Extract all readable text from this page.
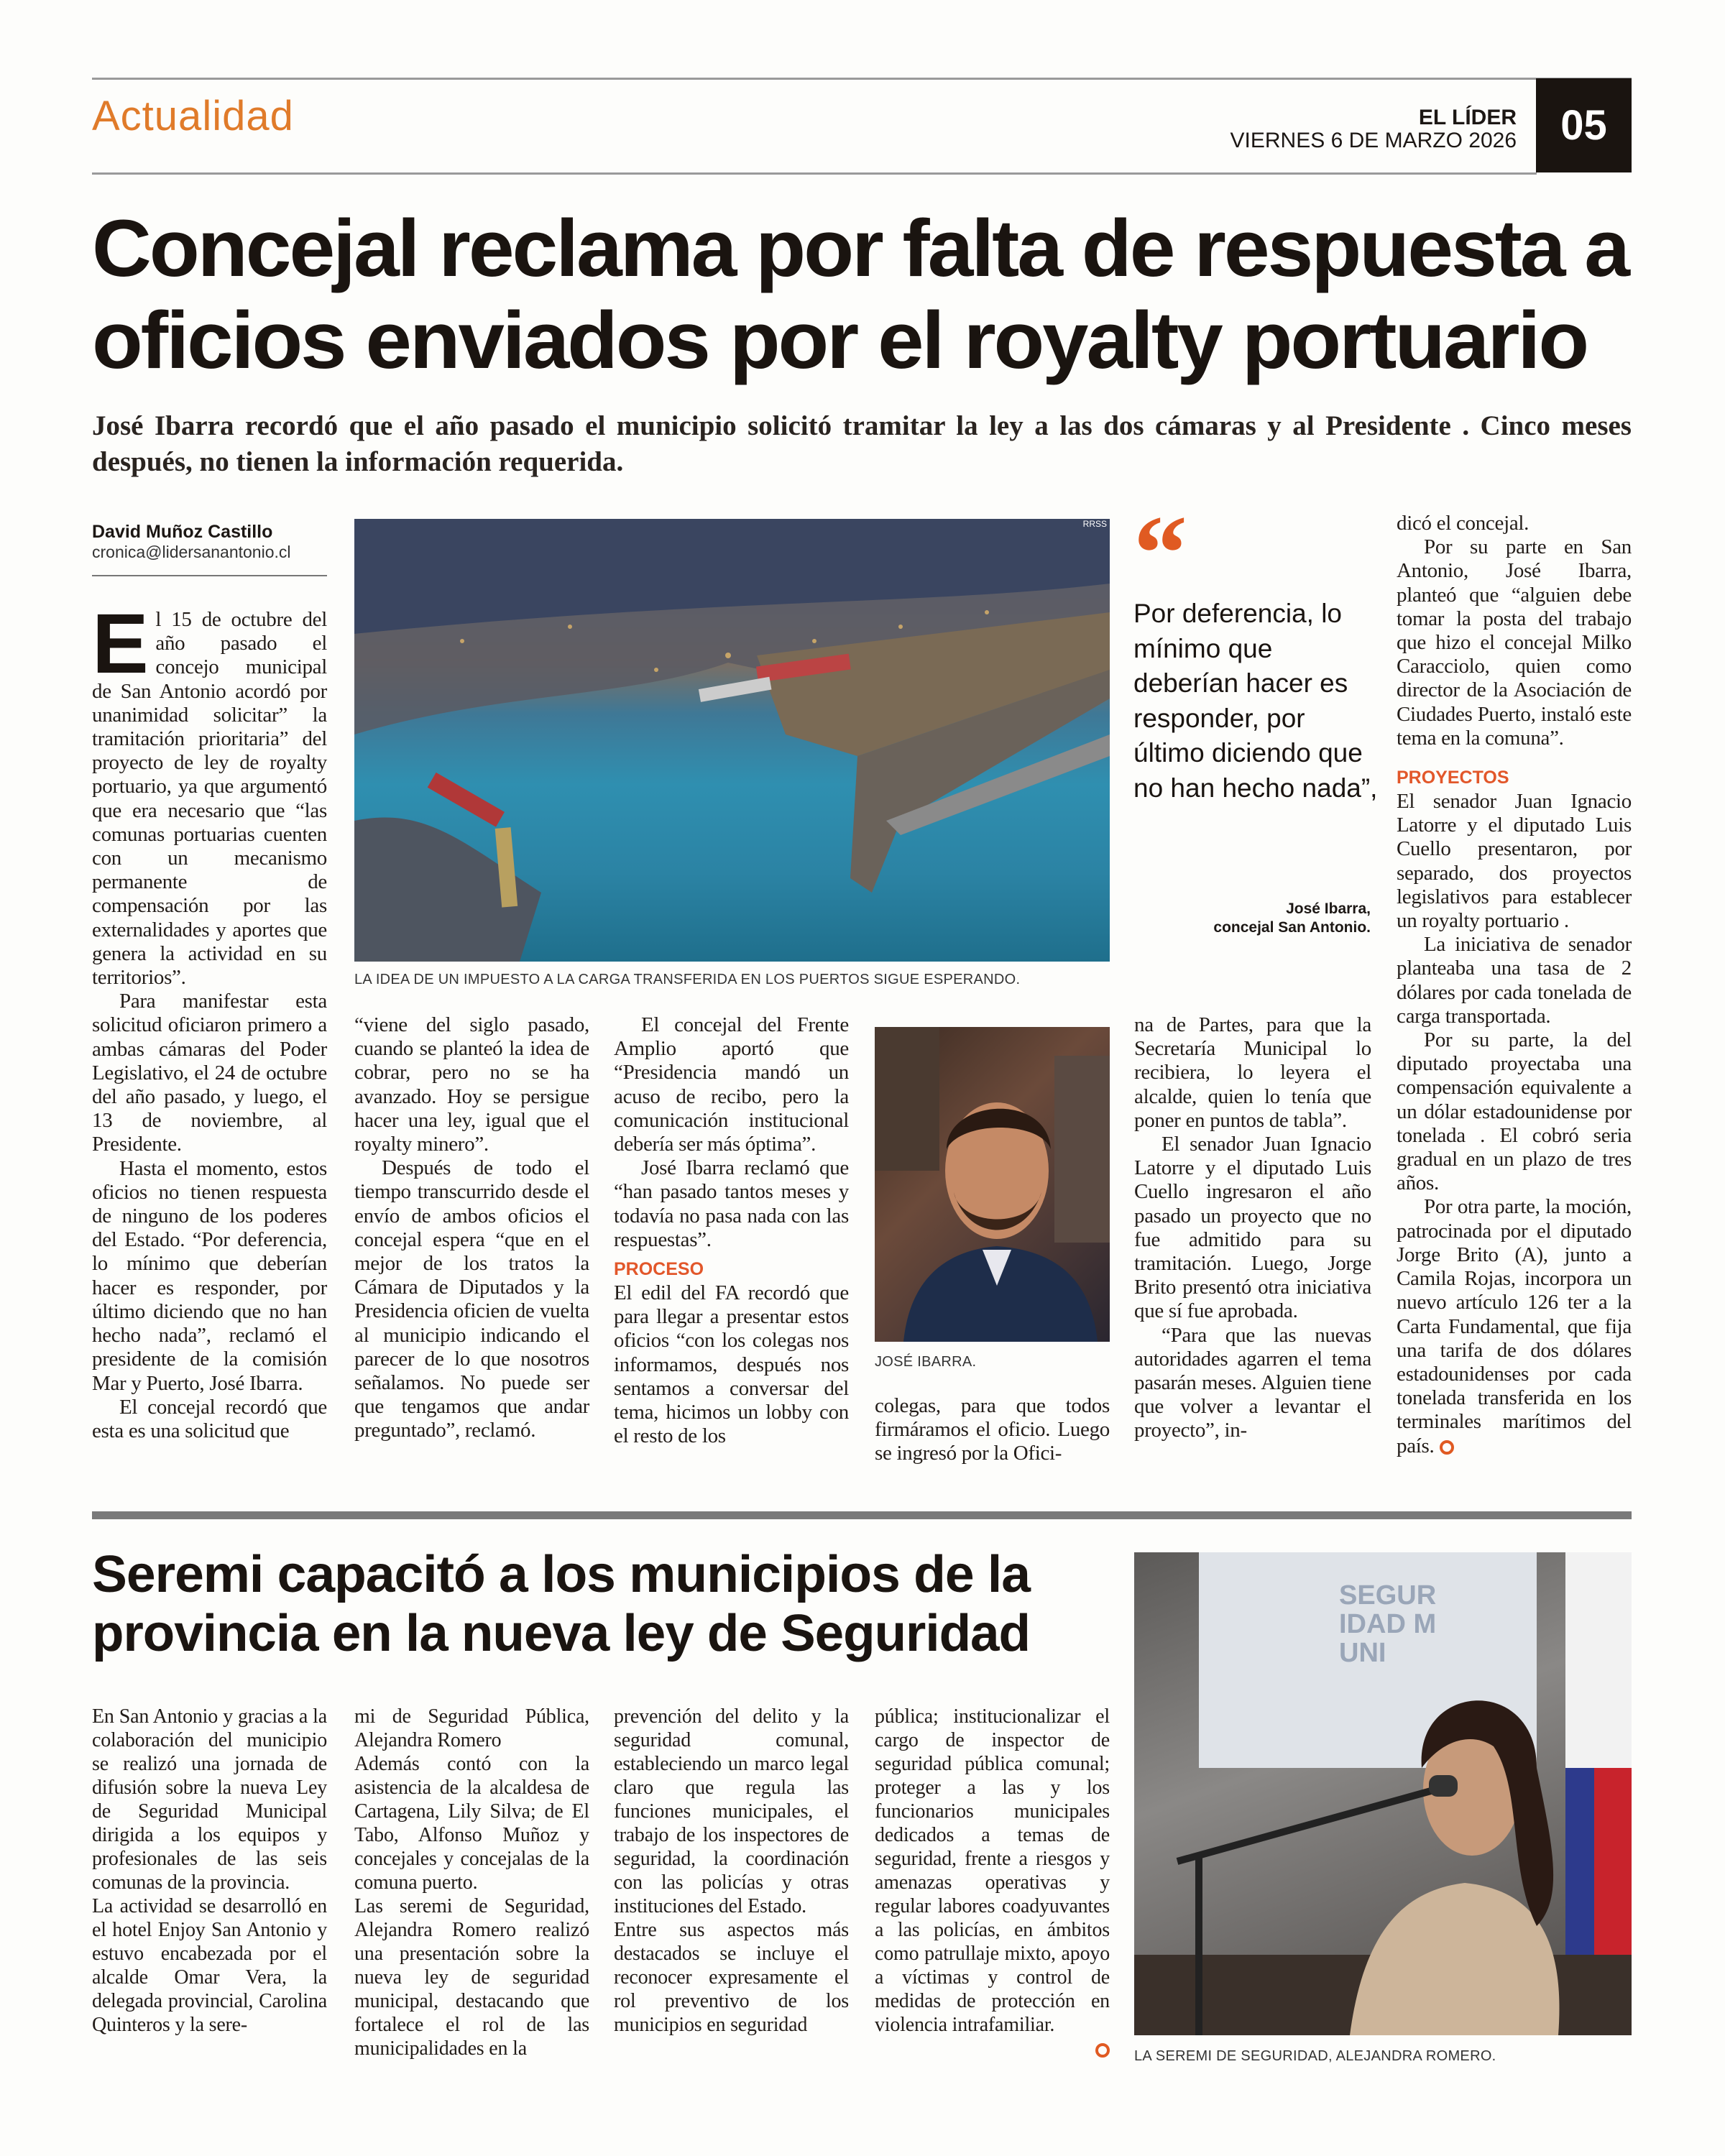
Actualidad	EL LÍDER
VIERNES 6 DE MARZO 2026	05
Concejal reclama por falta de respuesta a
oficios enviados por el royalty portuario
José Ibarra recordó que el año pasado el municipio solicitó tramitar la ley a las dos cámaras y al Presidente . Cinco meses después, no tienen la información requerida.
David Muñoz Castillo
cronica@lidersanantonio.cl
RRSS
LA IDEA DE UN IMPUESTO A LA CARGA TRANSFERIDA EN LOS PUERTOS SIGUE ESPERANDO.
“
Por deferencia, lo mínimo que deberían hacer es responder, por último diciendo que no han hecho nada”,
José Ibarra,
concejal San Antonio.

El 15 de octubre del año pasado el concejo municipal de San Antonio acordó por unanimidad solicitar” la tramitación prioritaria” del proyecto de ley de royalty portuario, ya que argumentó que era necesario que “las comunas portuarias cuenten con un mecanismo permanente de compensación por las externalidades y aportes que genera la actividad en su territorios”.

Para manifestar esta solicitud oficiaron primero a ambas cámaras del Poder Legislativo, el 24 de octubre del año pasado, y luego, el 13 de noviembre, al Presidente.

Hasta el momento, estos oficios no tienen respuesta de ninguno de los poderes del Estado. “Por deferencia, lo mínimo que deberían hacer es responder, por último diciendo que no han hecho nada”, reclamó el presidente de la comisión Mar y Puerto, José Ibarra.

El concejal recordó que esta es una solicitud que

“viene del siglo pasado, cuando se planteó la idea de cobrar, pero no se ha avanzado. Hoy se persigue hacer una ley, igual que el royalty minero”.

Después de todo el tiempo transcurrido desde el envío de ambos oficios el concejal espera “que en el mejor de los tratos la Cámara de Diputados y la Presidencia oficien de vuelta al municipio indicando el parecer de lo que nosotros señalamos. No puede ser que tengamos que andar preguntado”, reclamó.

El concejal del Frente Amplio aportó que “Presidencia mandó un acuso de recibo, pero la comunicación institucional debería ser más óptima”.

José Ibarra reclamó que “han pasado tantos meses y todavía no pasa nada con las respuestas”.

PROCESO

El edil del FA recordó que para llegar a presentar estos oficios “con los colegas nos informamos, después nos sentamos a conversar del tema, hicimos un lobby con el resto de los

JOSÉ IBARRA.

colegas, para que todos firmáramos el oficio. Luego se ingresó por la Ofici-

na de Partes, para que la Secretaría Municipal lo recibiera, lo leyera el alcalde, quien lo tenía que poner en puntos de tabla”.

El senador Juan Ignacio Latorre y el diputado Luis Cuello ingresaron el año pasado un proyecto que no fue admitido para su tramitación. Luego, Jorge Brito presentó otra iniciativa que sí fue aprobada.

“Para que las nuevas autoridades agarren el tema pasarán meses. Alguien tiene que volver a levantar el proyecto”, in-

dicó el concejal.

Por su parte en San Antonio, José Ibarra, planteó que “alguien debe tomar la posta del trabajo que hizo el concejal Milko Caracciolo, quien como director de la Asociación de Ciudades Puerto, instaló este tema en la comuna”.

PROYECTOS

El senador Juan Ignacio Latorre y el diputado Luis Cuello presentaron, por separado, dos proyectos legislativos para establecer un royalty portuario .

La iniciativa de senador planteaba una tasa de 2 dólares por cada tonelada de carga transportada.

Por su parte, la del diputado proyectaba una compensación equivalente a un dólar estadounidense por tonelada . El cobró seria gradual en un plazo de tres años.

Por otra parte, la moción, patrocinada por el diputado Jorge Brito (A), junto a Camila Rojas, incorpora un nuevo artículo 126 ter a la Carta Fundamental, que fija una tarifa de dos dólares estadounidenses por cada tonelada transferida en los terminales marítimos del país.

Seremi capacitó a los municipios de la
provincia en la nueva ley de Seguridad

En San Antonio y gracias a la colaboración del municipio se realizó una jornada de difusión sobre la nueva Ley de Seguridad Municipal dirigida a los equipos y profesionales de las seis comunas de la provincia.

La actividad se desarrolló en el hotel Enjoy San Antonio y estuvo encabezada por el alcalde Omar Vera, la delegada provincial, Carolina Quinteros y la sere-

mi de Seguridad Pública, Alejandra Romero

Además contó con la asistencia de la alcaldesa de Cartagena, Lily Silva; de El Tabo, Alfonso Muñoz y concejales y concejalas de la comuna puerto.

Las seremi de Seguridad, Alejandra Romero realizó una presentación sobre la nueva ley de seguridad municipal, destacando que fortalece el rol de las municipalidades en la

prevención del delito y la seguridad comunal, estableciendo un marco legal claro que regula las funciones municipales, el trabajo de los inspectores de seguridad, la coordinación con las policías y otras instituciones del Estado.

Entre sus aspectos más destacados se incluye el reconocer expresamente el rol preventivo de los municipios en seguridad

pública; institucionalizar el cargo de inspector de seguridad pública comunal; proteger a las y los funcionarios municipales dedicados a temas de seguridad, frente a riesgos y amenazas operativas y regular labores coadyuvantes a las policías, en ámbitos como patrullaje mixto, apoyo a víctimas y control de medidas de protección en violencia intrafamiliar.

SEGURIDAD MUNI
LA SEREMI DE SEGURIDAD, ALEJANDRA ROMERO.
